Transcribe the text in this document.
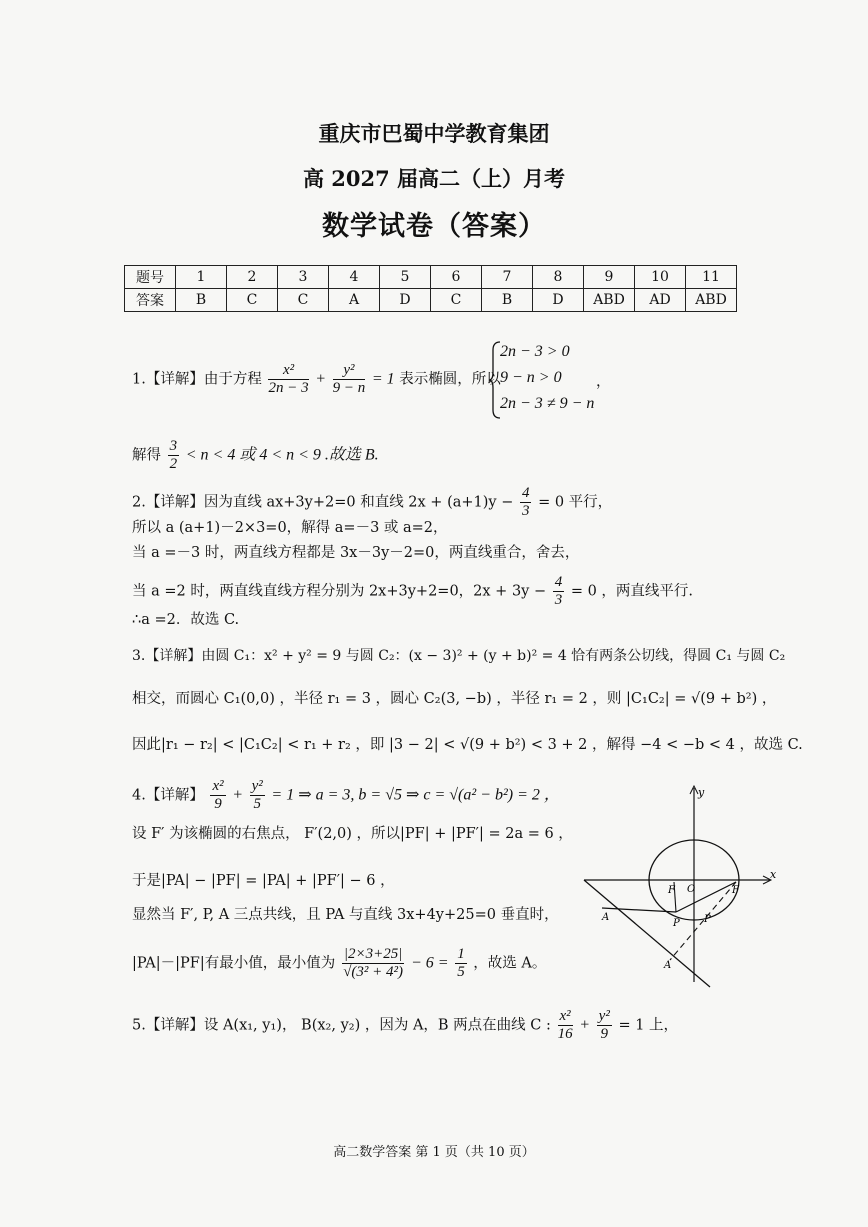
重庆市巴蜀中学教育集团
高 2027 届高二（上）月考
数学试卷（答案）
题号	1	2	3	4	5	6	7	8	9	10	11
答案	B	C	C	A	D	C	B	D	ABD	AD	ABD
1.【详解】由于方程 $\frac{\text{x²}}{2n - 3} + \frac{\text{y²}}{9 - n} = 1$ 表示椭圆，所以
2n − 3 > 0
9 − n > 0
2n − 3 ≠ 9 − n
，
解得 $\frac{3}{2} < n < 4$ 或 4 < n < 9 .故选 B.
2.【详解】因为直线 ax+3y+2=0 和直线 $2x + (a+1)y - \frac{4}{3} = 0$ 平行，
所以 a (a+1)－2×3=0，解得 a=－3 或 a=2，
当 a =－3 时，两直线方程都是 3x－3y－2=0，两直线重合，舍去，
当 a =2 时，两直线直线方程分别为 2x+3y+2=0，$2x + 3y - \frac{4}{3} = 0$ ，两直线平行.
∴a =2．故选 C.
3.【详解】由圆 C₁：x² + y² = 9 与圆 C₂：(x − 3)² + (y + b)² = 4 恰有两条公切线，得圆 C₁ 与圆 C₂
相交，而圆心 C₁(0,0) ，半径 r₁ = 3 ，圆心 C₂(3, −b) ，半径 r₁ = 2 ，则 |C₁C₂| = √(9 + b²) ，
因此|r₁ − r₂| < |C₁C₂| < r₁ + r₂ ，即 |3 − 2| < √(9 + b²) < 3 + 2 ，解得 −4 < −b < 4 ，故选 C.
4.【详解】 $\frac{\text{x²}}{9} + \frac{\text{y²}}{5} = 1$ ⇒ a = 3, b = √5 ⇒ c = √(a² − b²) = 2 ，
设 F′ 为该椭圆的右焦点， F′(2,0) ，所以|PF| + |PF′| = 2a = 6 ，
于是|PA| − |PF| = |PA| + |PF′| − 6 ，
显然当 F′, P, A 三点共线，且 PA 与直线 3x+4y+25=0 垂直时，
|PA|－|PF|有最小值，最小值为 $\frac{|2\times 3+25|}{\text{√(3² + 4²)}} - 6 = \frac{1}{5}$ ，故选 A。
y
x
O
F	F
A
A
P P
5.【详解】设 A(x₁, y₁)， B(x₂, y₂) ，因为 A，B 两点在曲线 C : $\frac{\text{x²}}{16} + \frac{\text{y²}}{9} = 1$ 上，
高二数学答案 第 1 页（共 10 页）
